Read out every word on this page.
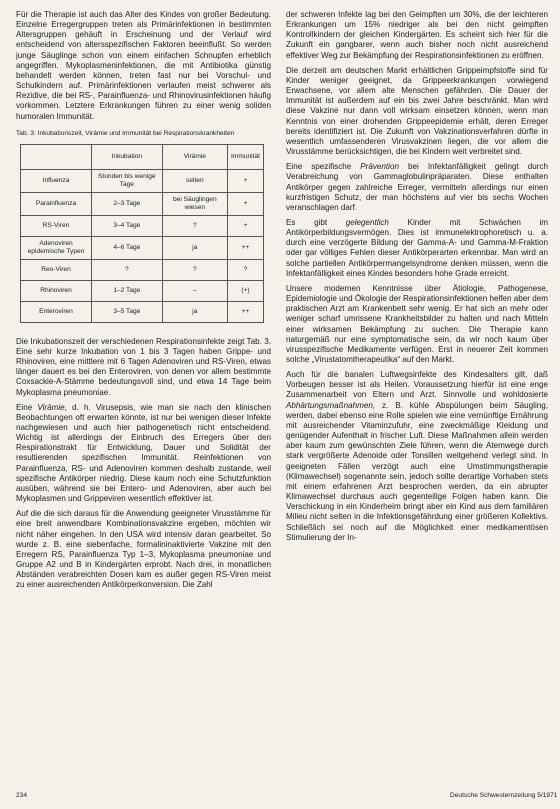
Für die Therapie ist auch das Alter des Kindes von großer Bedeutung. Einzelne Erregergruppen treten als Primärinfektionen in bestimmten Altersgruppen gehäuft in Erscheinung und der Verlauf wird entscheidend von altersspezifischen Faktoren beeinflußt. So werden junge Säuglinge schon von einem einfachen Schnupfen erheblich angegriffen. Mykoplasmeninfektionen, die mit Antibiotika günstig behandelt werden können, treten fast nur bei Vorschul- und Schulkindern auf. Primärinfektionen verlaufen meist schwerer als Rezidive, die bei RS-, Parainfluenza- und Rhinovirusinfektionen häufig vorkommen. Letztere Erkrankungen führen zu einer wenig soliden humoralen Immunität.

Tab. 3: Inkubationszeit, Virämie und Immunität bei Respirationskrankheiten
	Inkubation	Virämie	Immunität
Influenza	Stunden bis wenige Tage	selten	+
Parainfluenza	2–3 Tage	bei Säuglingen wiesen	+
RS-Viren	3–4 Tage	?	+
Adenoviren epidemische Typen	4–6 Tage	ja	++
Reo-Viren	?	?	?
Rhinoviren	1–2 Tage	–	(+)
Enteroviren	3–5 Tage	ja	++

Die Inkubationszeit der verschiedenen Respirationsinfekte zeigt Tab. 3. Eine sehr kurze Inkubation von 1 bis 3 Tagen haben Grippe- und Rhinoviren, eine mittlere mit 6 Tagen Adenoviren und RS-Viren, etwas länger dauert es bei den Enteroviren, von denen vor allem bestimmte Coxsackie-A-Stämme bedeutungsvoll sind, und etwa 14 Tage beim Mykoplasma pneumoniae.

Eine Virämie, d. h. Virusepsis, wie man sie nach den klinischen Beobachtungen oft erwarten könnte, ist nur bei wenigen dieser Infekte nachgewiesen und auch hier pathogenetisch nicht entscheidend. Wichtig ist allerdings der Einbruch des Erregers über den Respirationstrakt für Entwicklung, Dauer und Solidität der resultierenden spezifischen Immunität. Reinfektionen von Parainfluenza, RS- und Adenoviren kommen deshalb zustande, weil spezifische Antikörper niedrig. Diese kaum noch eine Schutzfunktion ausüben, während sie bei Entero- und Adenoviren, aber auch bei Mykoplasmen und Grippeviren wesentlich effektiver ist.

Auf die die sich daraus für die Anwendung geeigneter Virusstämme für eine breit anwendbare Kombinationsvakzine ergeben, möchten wir nicht näher eingehen. In den USA wird intensiv daran gearbeitet. So wurde z. B. eine siebenfache, formalininaktivierte Vakzine mit den Erregern RS, Parainfluenza Typ 1–3, Mykoplasma pneumoniae und Gruppe A2 und B in Kindergärten erprobt. Nach drei, in monatlichen Abständen verabreichten Dosen kam es außer gegen RS-Viren meist zu einer ausreichenden Antikörperkonversion. Die Zahl

der schweren Infekte lag bei den Geimpften um 30%, die der leichteren Erkrankungen um 15% niedriger als bei den nicht geimpften Kontrollkindern der gleichen Kindergärten. Es scheint sich hier für die Zukunft ein gangbarer, wenn auch bisher noch nicht ausreichend effektiver Weg zur Bekämpfung der Respirationsinfektionen zu eröffnen.

Die derzeit am deutschen Markt erhältlichen Grippeimpfstoffe sind für Kinder weniger geeignet, da Grippeerkrankungen vorwiegend Erwachsene, vor allem alte Menschen gefährden. Die Dauer der Immunität ist außerdem auf ein bis zwei Jahre beschränkt. Man wird diese Vakzine nur dann voll wirksam einsetzen können, wenn man Kenntnis von einer drohenden Grippeepidemie erhält, deren Erreger bereits identifiziert ist. Die Zukunft von Vakzinationsverfahren dürfte in wesentlich umfassenderen Virusvakzinen liegen, die vor allem die Virusstämme berücksichtigen, die bei Kindern weit verbreitet sind.

Eine spezifische Prävention bei Infektanfälligkeit gelingt durch Verabreichung von Gammaglobulinpräparaten. Diese enthalten Antikörper gegen zahlreiche Erreger, vermitteln allerdings nur einen kurzfristigen Schutz, der man höchstens auf vier bis sechs Wochen veranschlagen darf.

Es gibt gelegentlich Kinder mit Schwächen im Antikörperbildungsvermögen. Dies ist immunelektrophoretisch u. a. durch eine verzögerte Bildung der Gamma-A- und Gamma-M-Fraktion oder gar völliges Fehlen dieser Antikörperarten erkennbar. Man wird an solche partiellen Antikörpermangelsyndrome denken müssen, wenn die Infektanfälligkeit eines Kindes besonders hohe Grade erreicht.

Unsere modernen Kenntnisse über Ätiologie, Pathogenese, Epidemiologie und Ökologie der Respirationsinfektionen helfen aber dem praktischen Arzt am Krankenbett sehr wenig. Er hat sich an mehr oder weniger scharf umrissene Krankheitsbilder zu halten und nach Mitteln einer wirksamen Bekämpfung zu suchen. Die Therapie kann naturgemäß nur eine symptomatische sein, da wir noch kaum über virusspezifische Medikamente verfügen. Erst in neuerer Zeit kommen solche „Virustatomtherapeutika“ auf den Markt.

Auch für die banalen Luftwegsinfekte des Kindesalters gilt, daß Vorbeugen besser ist als Heilen. Voraussetzung hierfür ist eine enge Zusammenarbeit von Eltern und Arzt. Sinnvolle und wohldosierte Abhärtungsmaßnahmen, z. B. kühle Abspülungen beim Säugling, werden, dabei ebenso eine Rolle spielen wie eine vernünftige Ernährung mit ausreichender Vitaminzufuhr, eine zweckmäßige Kleidung und genügender Aufenthalt in frischer Luft. Diese Maßnahmen allein werden aber kaum zum gewünschten Ziele führen, wenn die Atemwege durch stark vergrößerte Adenoide oder Tonsillen weitgehend verlegt sind. In geeigneten Fällen verzögt auch eine Umstimmungstherapie (Klimawechsel) sogenannte sein, jedoch sollte derartige Vorhaben stets mit einem erfahrenen Arzt besprochen werden, da ein abrupter Klimawechsel durchaus auch gegenteilige Folgen haben kann. Die Verschickung in ein Kinderheim bringt aber ein Kind aus dem familiären Milieu nicht selten in die Infektionsgefährdung einer größeren Kollektivs. Schließlich sei noch auf die Möglichkeit einer medikamentösen Stimulierung der In-

234	Deutsche Schwesternzeitung 5/1971
